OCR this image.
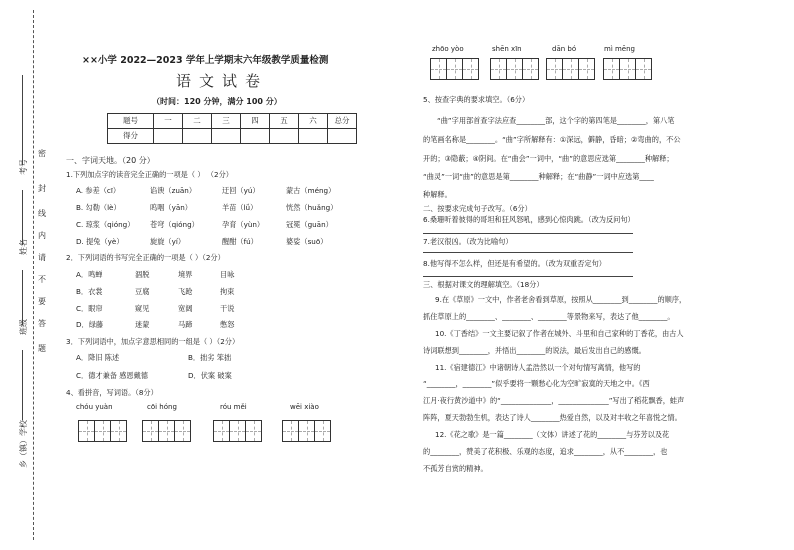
考号
姓名
班级
乡（镇）学校
密
封
线
内
请
不
要
答
题
××小学 2022—2023 学年上学期末六年级教学质量检测
语文试卷
（时间：120 分钟，满分 100 分）
题号	一	二	三	四	五	六	总分
得分							
一、字词天地。（20 分）
1.下列加点字的读音完全正确的一项是（ ） （2分）
A. 参差（cī）	谄谀（zuān）	迂回（yú）	蒙古（méng）
B. 勾勒（lè）	呜咽（yān）	羊苗（lǘ）	恍然（huǎng）
C. 琼浆（qióng） 苍穹（qióng）	孕育（yùn）	冠冕（guān）
D. 提兔（yè）	旋旋（yí）	醒酣（fú）	婆娑（suō）
2．下列词语的书写完全正确的一项是（ ）（2分）
A．鸣蝉	涸脱	境界	目咏
B．衣裳	豆腐	飞跄	拘束
C．眼帘	窥见	宽阔	干说
D．绿藤	迷蒙	马蹄	憋怒
3．下列词语中，加点字意思相同的一组是（ ）（2分）
A．降旧 陈述	B．拙劣 笨拙
C．德才兼备 感恩戴德	D．伏案 破案
4、看拼音，写词语。（8分）
chóu yuàn	cōi hóng	róu měi	wēi xiào
zhōo yòo	shēn xīn	dān bó	mì mēng
5、按查字典的要求填空。（6分）
“曲”字用部首查字法应查________部，这个字的第四笔是________，第八笔
的笔画名称是________。“曲”字所解释有：①深远，僻静，昏暗；②弯曲的，不公
开的；③隐蔽；④阴间。在“曲会”一词中，“曲”的意思应选第________种解释；
“曲灵”一词“曲”的意思是第________种解释；在“曲静”一词中应选第____
种解释。
二、按要求完成句子改写。（6分）
6.桑珊听着彼得的哥坦和狂风怒吼，感到心惊肉跳。（改为反问句）
7.老汉很凶。（改为比喻句）
8.他写得不怎么样，但还是有希望的。（改为双重否定句）
三、根据对课文的理解填空。（18分）
9.在《草原》一文中，作者老舍看到草原，按照从________到________的顺序，
抓住草原上的________、________、________等景物来写，表达了他________。
10.《丁香结》一文主要记叙了作者在城外、斗里和自己家种的丁香花，由古人
诗词联想到________，并悟出________的说法，最后发出自己的感慨。
11.《宿建德江》中诸朝诗人孟浩然以一个对句情写离情，他写的
“________，________”似乎要将一颗愁心化为空旷寂寞的天地之中。《西
江月·夜行黄沙道中》的“______________，______________”写出了稻花飘香，蛙声
阵阵，夏天勃勃生机，表达了诗人________热爱自然，以及对丰收之年喜悦之情。
12.《花之歌》是一篇________（文体）讲述了花的________与芬芳以及花
的________，赞美了花积极、乐观的态度，追求________，从不________，也
不孤芳自赏的精神。
